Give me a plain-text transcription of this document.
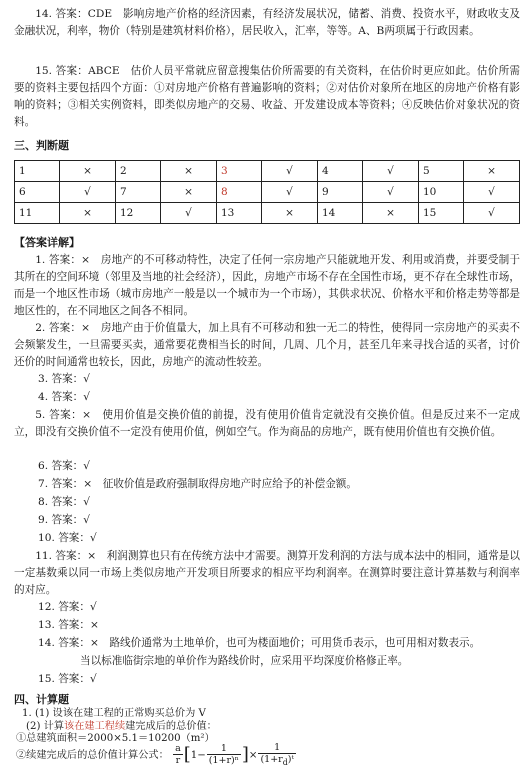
14. 答案：CDE　影响房地产价格的经济因素，有经济发展状况，储蓄、消费、投资水平，财政收支及金融状况，利率，物价（特别是建筑材料价格），居民收入，汇率，等等。A、B两项属于行政因素。
15. 答案：ABCE　估价人员平常就应留意搜集估价所需要的有关资料，在估价时更应如此。估价所需要的资料主要包括四个方面：①对房地产价格有普遍影响的资料；②对估价对象所在地区的房地产价格有影响的资料；③相关实例资料，即类似房地产的交易、收益、开发建设成本等资料；④反映估价对象状况的资料。
三、判断题
1	×	2	×	3	√	4	√	5	×
6	√	7	×	8	√	9	√	10	√
11	×	12	√	13	×	14	×	15	√
【答案详解】
1. 答案：×　房地产的不可移动特性，决定了任何一宗房地产只能就地开发、利用或消费，并要受制于其所在的空间环境（邻里及当地的社会经济），因此，房地产市场不存在全国性市场，更不存在全球性市场，而是一个地区性市场（城市房地产一般是以一个城市为一个市场），其供求状况、价格水平和价格走势等都是地区性的，在不同地区之间各不相同。
2. 答案：×　房地产由于价值量大，加上具有不可移动和独一无二的特性，使得同一宗房地产的买卖不会频繁发生，一旦需要买卖，通常要花费相当长的时间，几周、几个月，甚至几年来寻找合适的买者，讨价还价的时间通常也较长，因此，房地产的流动性较差。
3. 答案：√
4. 答案：√
5. 答案：×　使用价值是交换价值的前提，没有使用价值肯定就没有交换价值。但是反过来不一定成立，即没有交换价值不一定没有使用价值，例如空气。作为商品的房地产，既有使用价值也有交换价值。
6. 答案：√
7. 答案：×　征收价值是政府强制取得房地产时应给予的补偿金额。
8. 答案：√
9. 答案：√
10. 答案：√
11. 答案：×　利润测算也只有在传统方法中才需要。测算开发利润的方法与成本法中的相同，通常是以一定基数乘以同一市场上类似房地产开发项目所要求的相应平均利润率。在测算时要注意计算基数与利润率的对应。
12. 答案：√
13. 答案：×
14. 答案：×　路线价通常为土地单价，也可为楼面地价；可用货币表示，也可用相对数表示。
当以标准临街宗地的单价作为路线价时，应采用平均深度价格修正率。
15. 答案：√
四、计算题
1. (1) 设该在建工程的正常购买总价为 V
(2) 计算该在建工程续建完成后的总价值：
①总建筑面积＝2000×5.1＝10200（m²）
②续建完成后的总价值计算公式： $\frac{a}{r} [1- \frac{1}{\text{(1+r)ⁿ}}$ ]× $\frac{1}{(1+r_d)ᵗ}$
